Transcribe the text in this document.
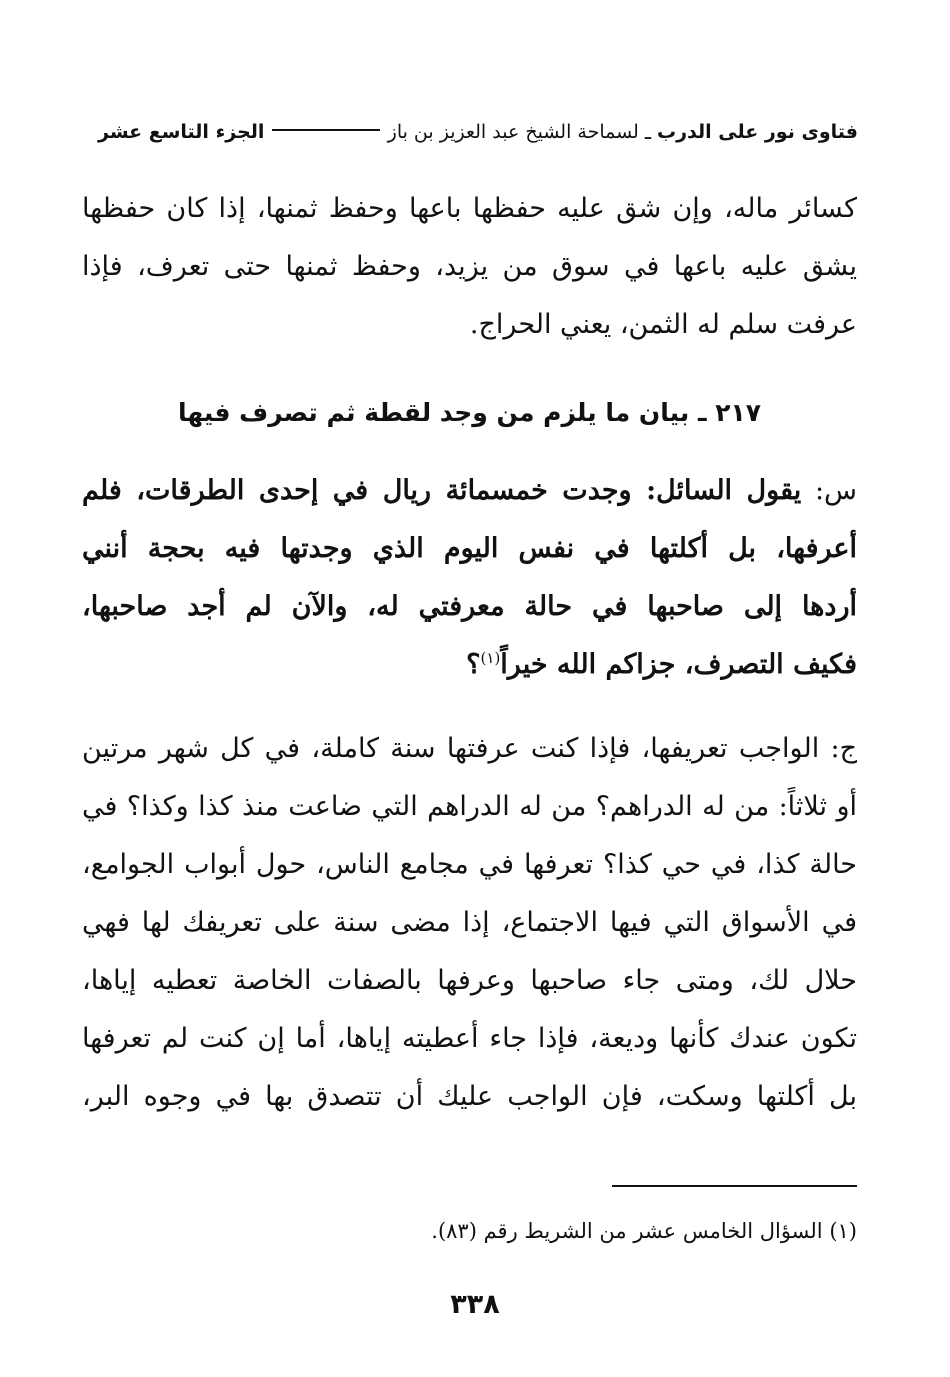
فتاوى نور على الدرب
ـ
لسماحة الشيخ عبد العزيز بن باز
الجزء التاسع عشر
كسائر ماله، وإن شق عليه حفظها باعها وحفظ ثمنها، إذا كان حفظها
يشق عليه باعها في سوق من يزيد، وحفظ ثمنها حتى تعرف، فإذا
عرفت سلم له الثمن، يعني الحراج.
٢١٧ ـ بيان ما يلزم من وجد لقطة ثم تصرف فيها
س: يقول السائل: وجدت خمسمائة ريال في إحدى الطرقات، فلم
أعرفها، بل أكلتها في نفس اليوم الذي وجدتها فيه بحجة أنني
أردها إلى صاحبها في حالة معرفتي له، والآن لم أجد صاحبها،
فكيف التصرف، جزاكم الله خيراً$^{(١)}$؟
ج: الواجب تعريفها، فإذا كنت عرفتها سنة كاملة، في كل شهر مرتين
أو ثلاثاً: من له الدراهم؟ من له الدراهم التي ضاعت منذ كذا وكذا؟ في
حالة كذا، في حي كذا؟ تعرفها في مجامع الناس، حول أبواب الجوامع،
في الأسواق التي فيها الاجتماع، إذا مضى سنة على تعريفك لها فهي
حلال لك، ومتى جاء صاحبها وعرفها بالصفات الخاصة تعطيه إياها،
تكون عندك كأنها وديعة، فإذا جاء أعطيته إياها، أما إن كنت لم تعرفها
بل أكلتها وسكت، فإن الواجب عليك أن تتصدق بها في وجوه البر،
(١) السؤال الخامس عشر من الشريط رقم (٨٣).
٣٣٨
